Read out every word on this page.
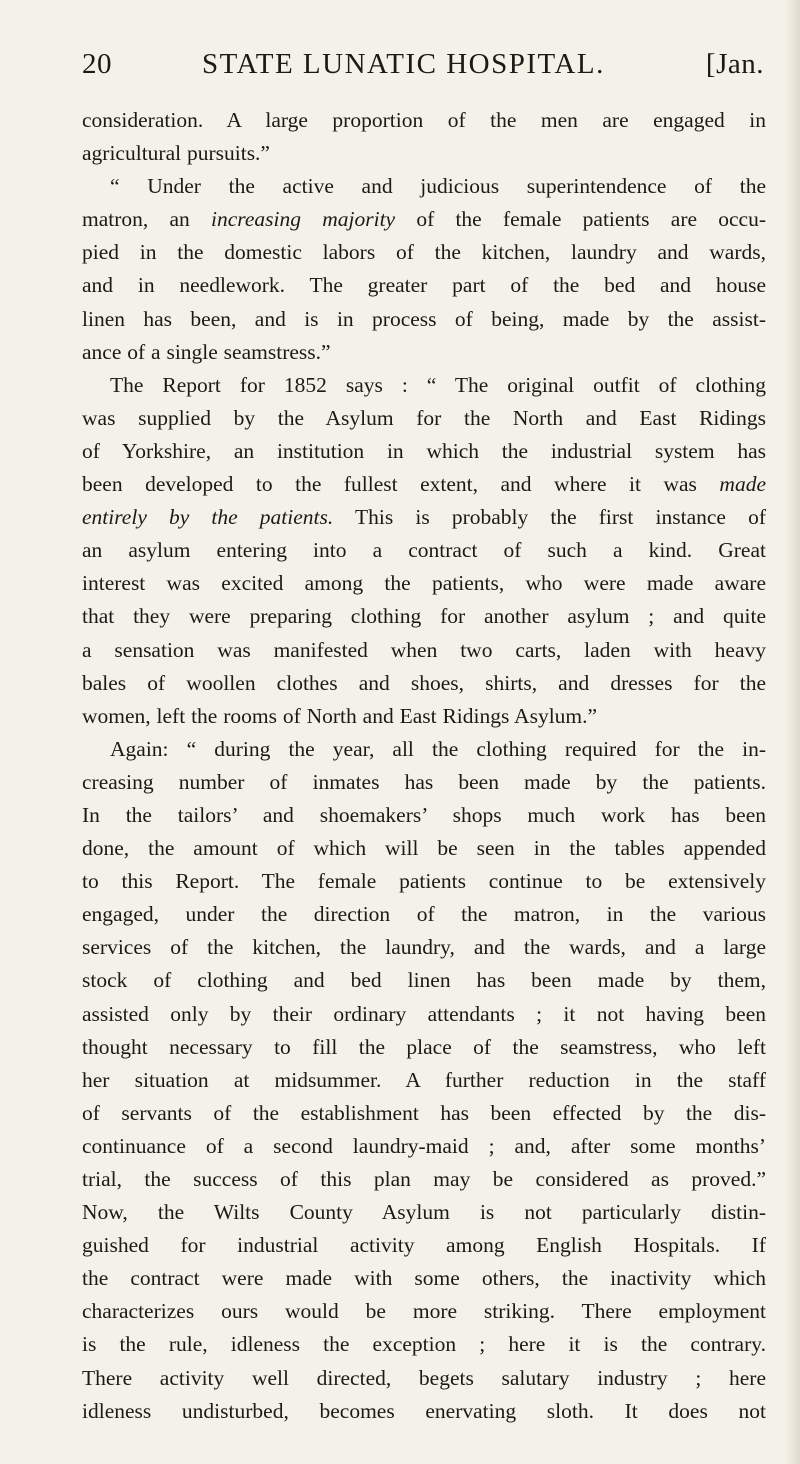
20	STATE LUNATIC HOSPITAL.	[Jan.
consideration. A large proportion of the men are engaged in
agricultural pursuits.”
“ Under the active and judicious superintendence of the
matron, an increasing majority of the female patients are occu-
pied in the domestic labors of the kitchen, laundry and wards,
and in needlework. The greater part of the bed and house
linen has been, and is in process of being, made by the assist-
ance of a single seamstress.”
The Report for 1852 says : “ The original outfit of clothing
was supplied by the Asylum for the North and East Ridings
of Yorkshire, an institution in which the industrial system has
been developed to the fullest extent, and where it was made
entirely by the patients. This is probably the first instance of
an asylum entering into a contract of such a kind. Great
interest was excited among the patients, who were made aware
that they were preparing clothing for another asylum ; and quite
a sensation was manifested when two carts, laden with heavy
bales of woollen clothes and shoes, shirts, and dresses for the
women, left the rooms of North and East Ridings Asylum.”
Again: “ during the year, all the clothing required for the in-
creasing number of inmates has been made by the patients.
In the tailors’ and shoemakers’ shops much work has been
done, the amount of which will be seen in the tables appended
to this Report. The female patients continue to be extensively
engaged, under the direction of the matron, in the various
services of the kitchen, the laundry, and the wards, and a large
stock of clothing and bed linen has been made by them,
assisted only by their ordinary attendants ; it not having been
thought necessary to fill the place of the seamstress, who left
her situation at midsummer. A further reduction in the staff
of servants of the establishment has been effected by the dis-
continuance of a second laundry-maid ; and, after some months’
trial, the success of this plan may be considered as proved.”
Now, the Wilts County Asylum is not particularly distin-
guished for industrial activity among English Hospitals. If
the contract were made with some others, the inactivity which
characterizes ours would be more striking. There employment
is the rule, idleness the exception ; here it is the contrary.
There activity well directed, begets salutary industry ; here
idleness undisturbed, becomes enervating sloth. It does not
